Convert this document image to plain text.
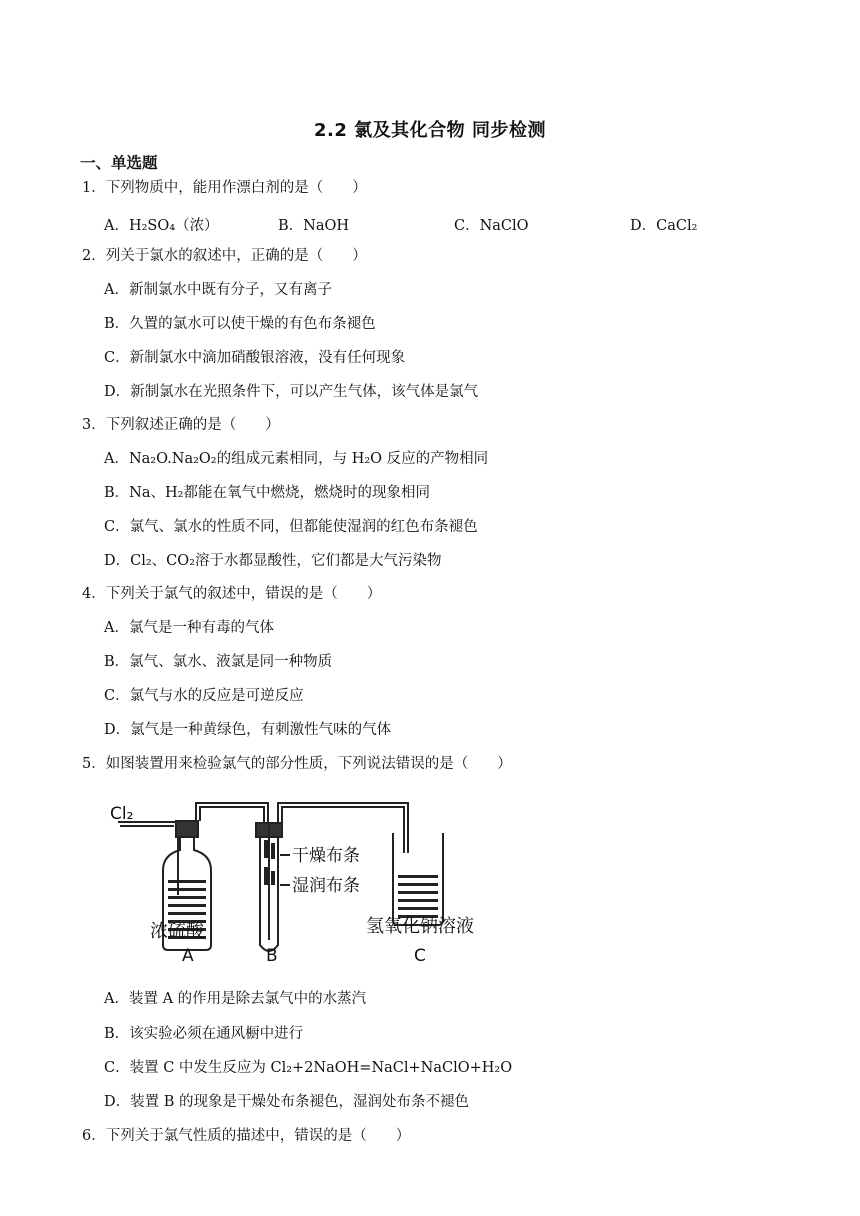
2.2 氯及其化合物 同步检测
一、单选题
1．下列物质中，能用作漂白剂的是（　　）
A．H₂SO₄（浓）	B．NaOH	C．NaClO	D．CaCl₂
2．列关于氯水的叙述中，正确的是（　　）
A．新制氯水中既有分子，又有离子
B．久置的氯水可以使干燥的有色布条褪色
C．新制氯水中滴加硝酸银溶液，没有任何现象
D．新制氯水在光照条件下，可以产生气体，该气体是氯气
3．下列叙述正确的是（　　）
A．Na₂O.Na₂O₂的组成元素相同，与 H₂O 反应的产物相同
B．Na、H₂都能在氧气中燃烧，燃烧时的现象相同
C．氯气、氯水的性质不同，但都能使湿润的红色布条褪色
D．Cl₂、CO₂溶于水都显酸性，它们都是大气污染物
4．下列关于氯气的叙述中，错误的是（　　）
A．氯气是一种有毒的气体
B．氯气、氯水、液氯是同一种物质
C．氯气与水的反应是可逆反应
D．氯气是一种黄绿色，有刺激性气味的气体
5．如图装置用来检验氯气的部分性质，下列说法错误的是（　　）
Cl₂
干燥布条
湿润布条
浓硫酸	氢氧化钠溶液
A	B	C
A．装置 A 的作用是除去氯气中的水蒸汽
B．该实验必须在通风橱中进行
C．装置 C 中发生反应为 Cl₂+2NaOH=NaCl+NaClO+H₂O
D．装置 B 的现象是干燥处布条褪色，湿润处布条不褪色
6．下列关于氯气性质的描述中，错误的是（　　）
